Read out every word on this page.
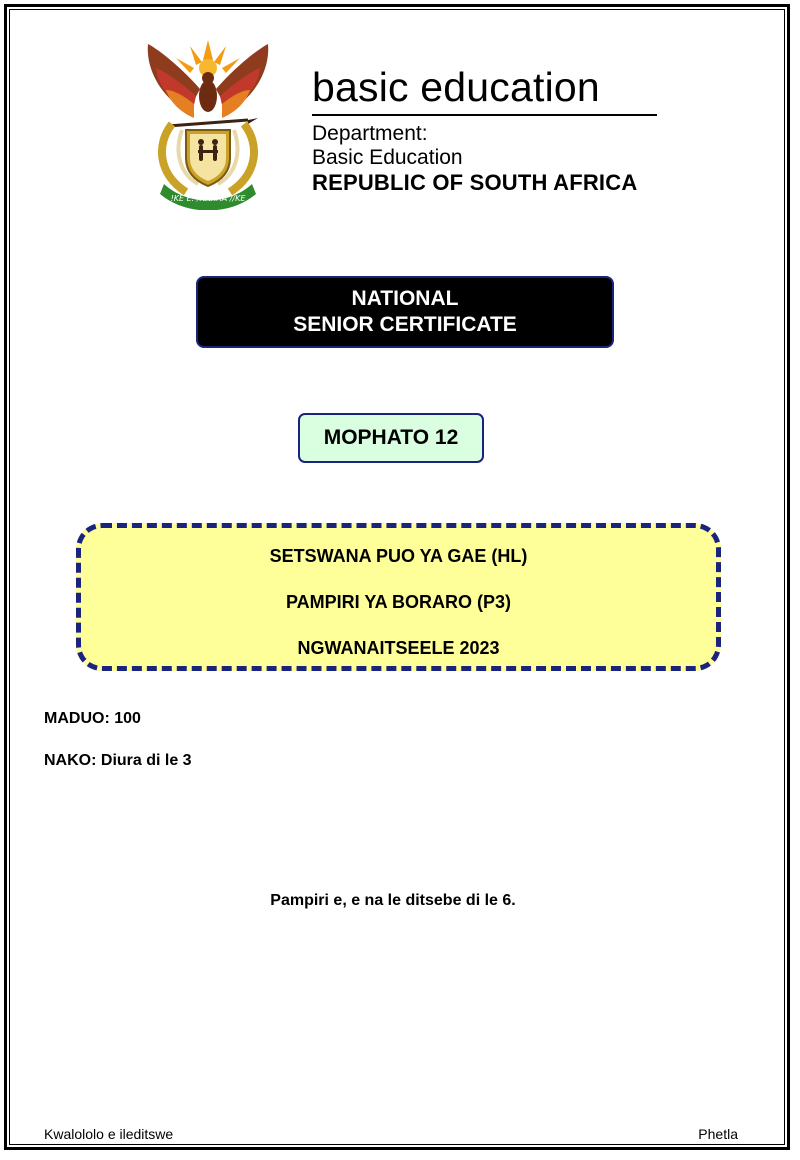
!KE E: /XARRA //KE
basic education
Department:
Basic Education
REPUBLIC OF SOUTH AFRICA
NATIONAL
SENIOR CERTIFICATE
MOPHATO 12
SETSWANA PUO YA GAE (HL)
PAMPIRI YA BORARO (P3)
NGWANAITSEELE 2023
MADUO: 100
NAKO: Diura di le 3
Pampiri e, e na le ditsebe di le 6.
Kwalololo e ileditswe	Phetla
